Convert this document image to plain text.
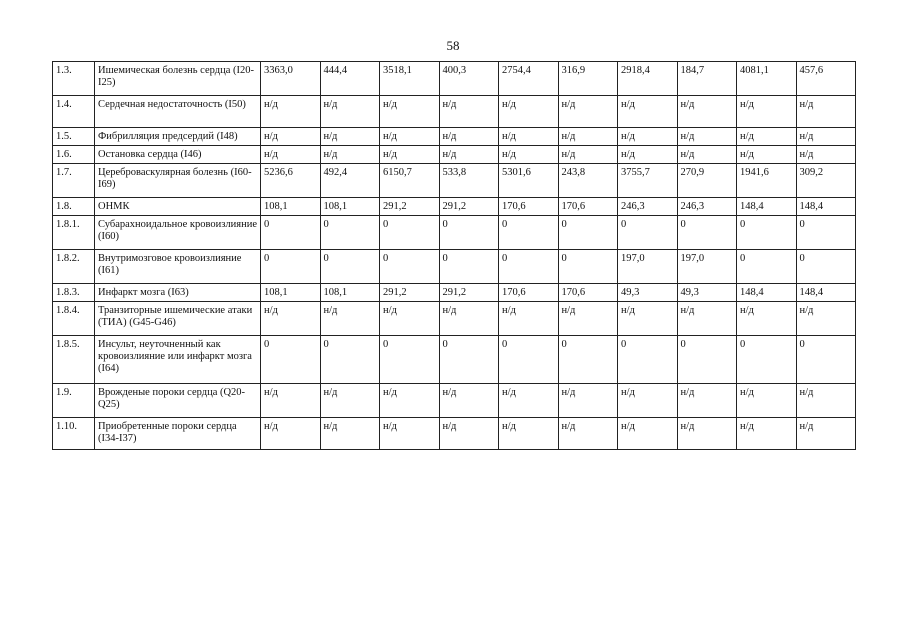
58
1.3.	Ишемическая болезнь сердца (I20-I25)	3363,0	444,4	3518,1	400,3	2754,4	316,9	2918,4	184,7	4081,1	457,6
1.4.	Сердечная недостаточность (I50)	н/д	н/д	н/д	н/д	н/д	н/д	н/д	н/д	н/д	н/д
1.5.	Фибрилляция предсердий (I48)	н/д	н/д	н/д	н/д	н/д	н/д	н/д	н/д	н/д	н/д
1.6.	Остановка сердца (I46)	н/д	н/д	н/д	н/д	н/д	н/д	н/д	н/д	н/д	н/д
1.7.	Цереброваскулярная болезнь (I60-I69)	5236,6	492,4	6150,7	533,8	5301,6	243,8	3755,7	270,9	1941,6	309,2
1.8.	ОНМК	108,1	108,1	291,2	291,2	170,6	170,6	246,3	246,3	148,4	148,4
1.8.1.	Субарахноидальное кровоизлияние (I60)	0	0	0	0	0	0	0	0	0	0
1.8.2.	Внутримозговое кровоизлияние (I61)	0	0	0	0	0	0	197,0	197,0	0	0
1.8.3.	Инфаркт мозга (I63)	108,1	108,1	291,2	291,2	170,6	170,6	49,3	49,3	148,4	148,4
1.8.4.	Транзиторные ишемические атаки (ТИА) (G45-G46)	н/д	н/д	н/д	н/д	н/д	н/д	н/д	н/д	н/д	н/д
1.8.5.	Инсульт, неуточненный как кровоизлияние или инфаркт мозга (I64)	0	0	0	0	0	0	0	0	0	0
1.9.	Врожденые пороки сердца (Q20-Q25)	н/д	н/д	н/д	н/д	н/д	н/д	н/д	н/д	н/д	н/д
1.10.	Приобретенные пороки сердца (I34-I37)	н/д	н/д	н/д	н/д	н/д	н/д	н/д	н/д	н/д	н/д
